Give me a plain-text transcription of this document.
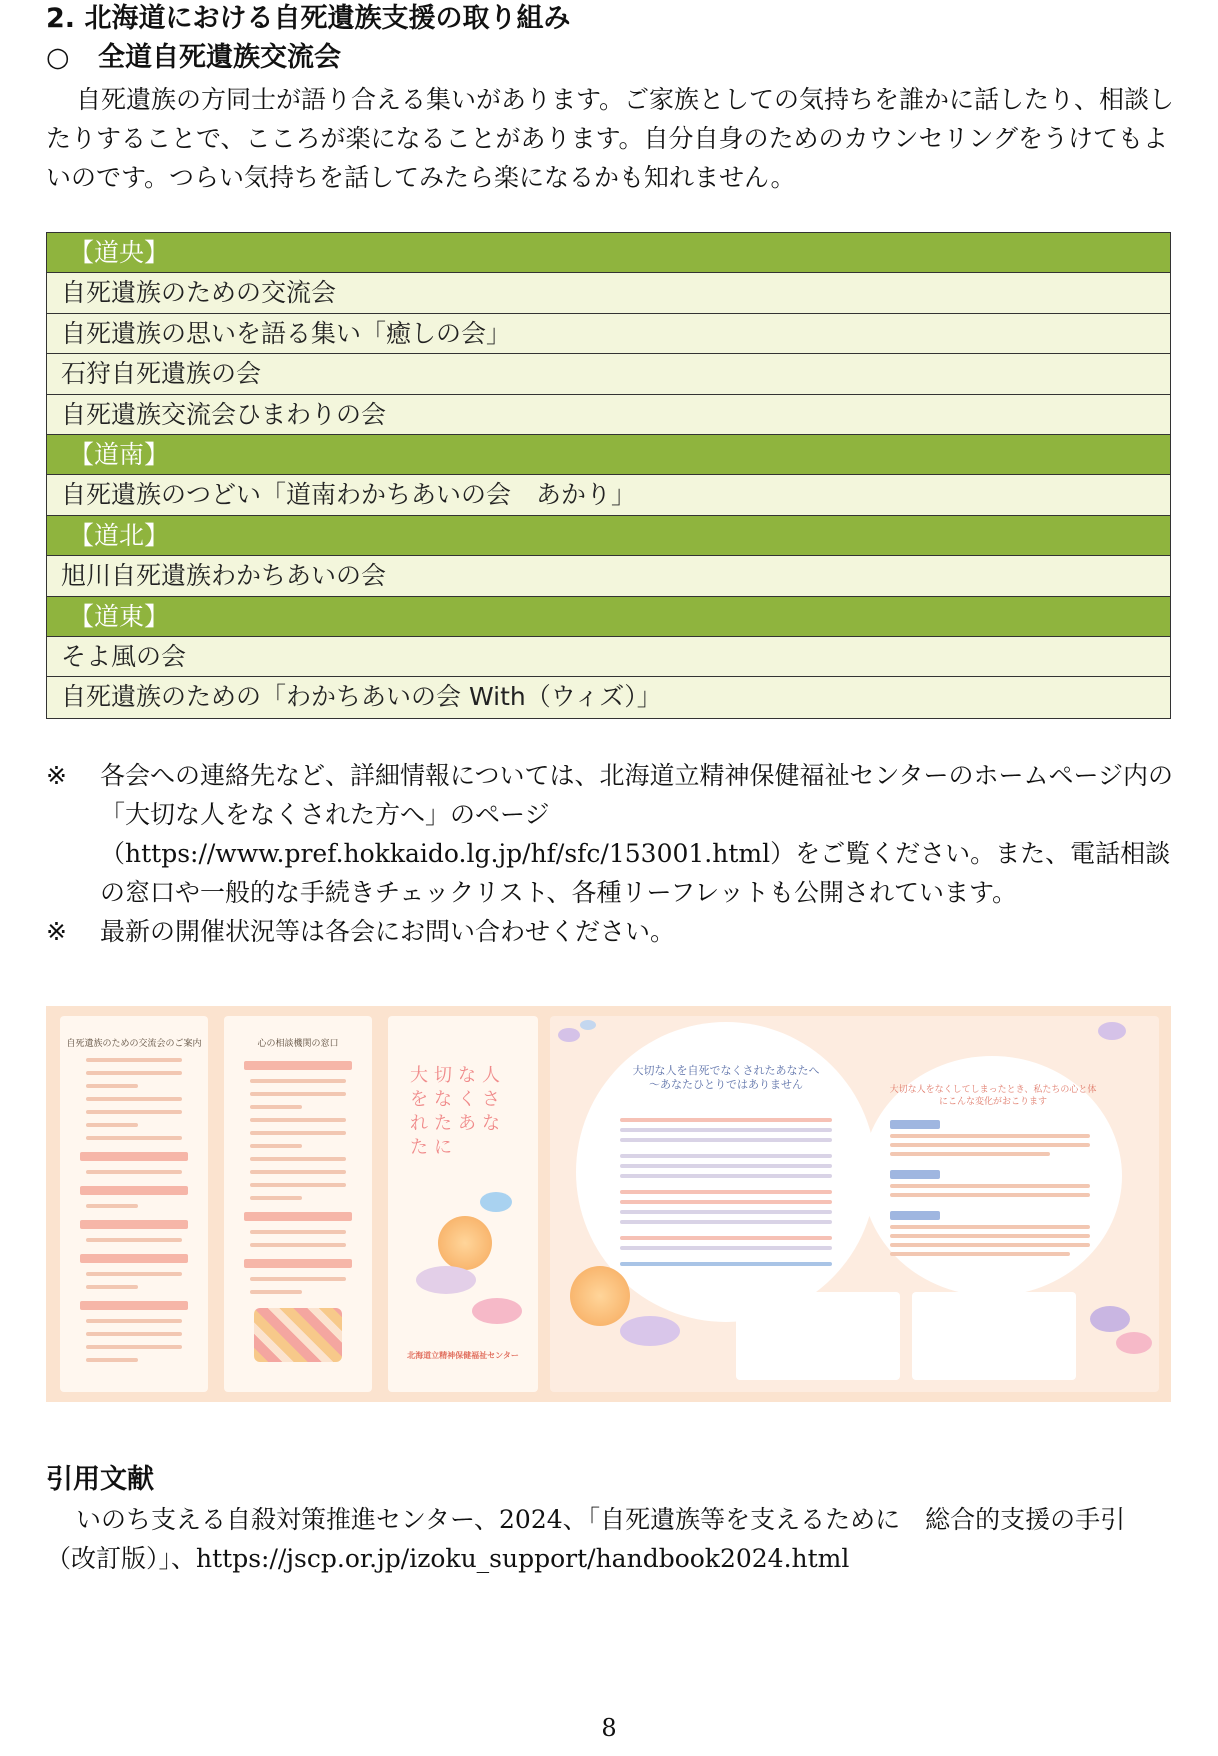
2. 北海道における自死遺族支援の取り組み
○ 全道自死遺族交流会
自死遺族の方同士が語り合える集いがあります。ご家族としての気持ちを誰かに話したり、相談したりすることで、こころが楽になることがあります。自分自身のためのカウンセリングをうけてもよいのです。つらい気持ちを話してみたら楽になるかも知れません。
【道央】
自死遺族のための交流会
自死遺族の思いを語る集い「癒しの会」
石狩自死遺族の会
自死遺族交流会ひまわりの会
【道南】
自死遺族のつどい「道南わかちあいの会　あかり」
【道北】
旭川自死遺族わかちあいの会
【道東】
そよ風の会
自死遺族のための「わかちあいの会 With（ウィズ）」
※	各会への連絡先など、詳細情報については、北海道立精神保健福祉センターのホームページ内の「大切な人をなくされた方へ」のページ（https://www.pref.hokkaido.lg.jp/hf/sfc/153001.html）をご覧ください。また、電話相談の窓口や一般的な手続きチェックリスト、各種リーフレットも公開されています。
※	最新の開催状況等は各会にお問い合わせください。
自死遺族のための交流会のご案内	心の相談機関の窓口
大切な人をなくされたあなたに
北海道立精神保健福祉センター
大切な人を自死でなくされたあなたへ
〜あなたひとりではありません	大切な人をなくしてしまったとき、私たちの心と体にこんな変化がおこります
引用文献
いのち支える自殺対策推進センター、2024、「自死遺族等を支えるために　総合的支援の手引（改訂版）」、https://jscp.or.jp/izoku_support/handbook2024.html
8
